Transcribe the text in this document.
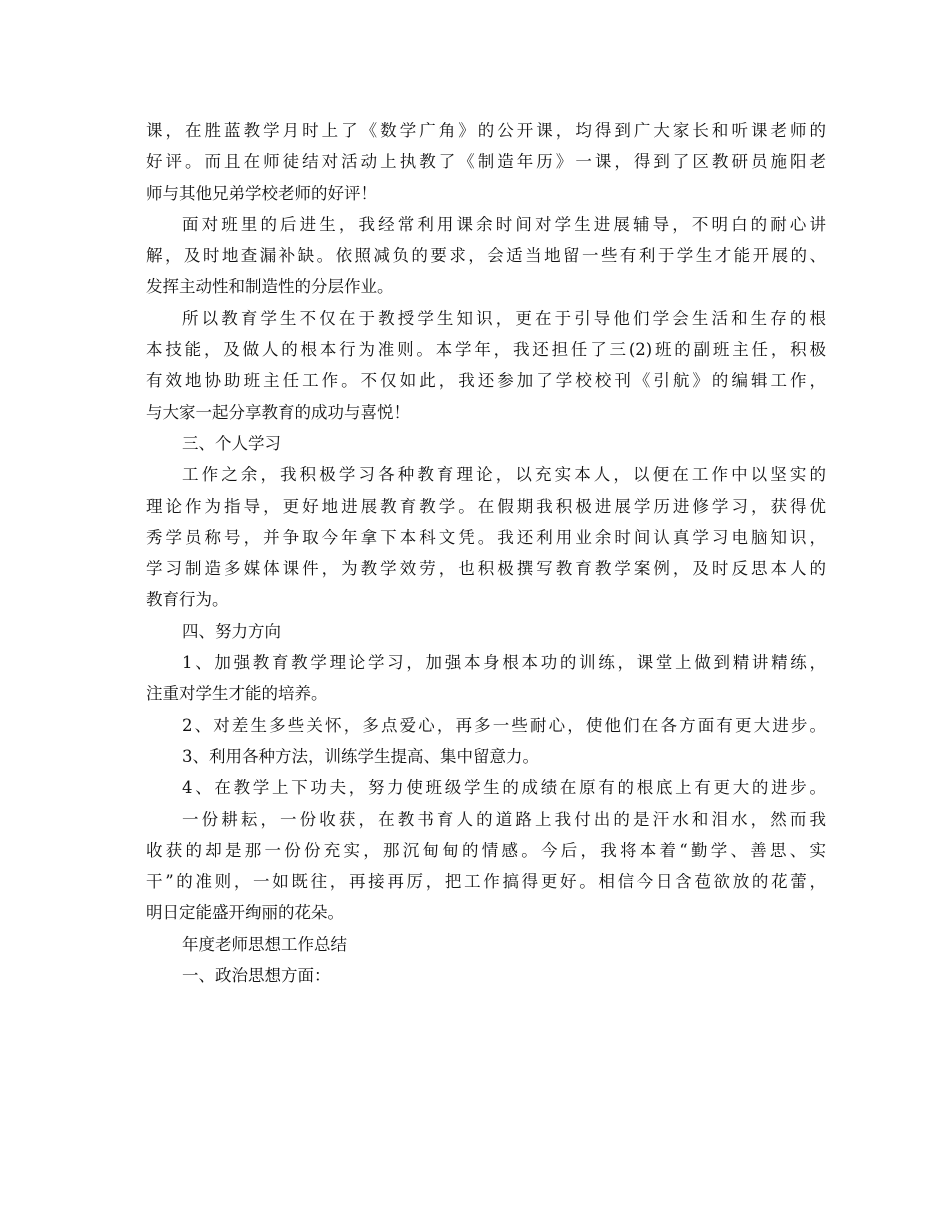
课，在胜蓝教学月时上了《数学广角》的公开课，均得到广大家长和听课老师的
好评。而且在师徒结对活动上执教了《制造年历》一课，得到了区教研员施阳老
师与其他兄弟学校老师的好评！
面对班里的后进生，我经常利用课余时间对学生进展辅导，不明白的耐心讲
解，及时地查漏补缺。依照减负的要求，会适当地留一些有利于学生才能开展的、
发挥主动性和制造性的分层作业。
所以教育学生不仅在于教授学生知识，更在于引导他们学会生活和生存的根
本技能，及做人的根本行为准则。本学年，我还担任了三(2)班的副班主任，积极
有效地协助班主任工作。不仅如此，我还参加了学校校刊《引航》的编辑工作，
与大家一起分享教育的成功与喜悦！
三、个人学习
工作之余，我积极学习各种教育理论，以充实本人，以便在工作中以坚实的
理论作为指导，更好地进展教育教学。在假期我积极进展学历进修学习，获得优
秀学员称号，并争取今年拿下本科文凭。我还利用业余时间认真学习电脑知识，
学习制造多媒体课件，为教学效劳，也积极撰写教育教学案例，及时反思本人的
教育行为。
四、努力方向
1、加强教育教学理论学习，加强本身根本功的训练，课堂上做到精讲精练，
注重对学生才能的培养。
2、对差生多些关怀，多点爱心，再多一些耐心，使他们在各方面有更大进步。
3、利用各种方法，训练学生提高、集中留意力。
4、在教学上下功夫，努力使班级学生的成绩在原有的根底上有更大的进步。
一份耕耘，一份收获，在教书育人的道路上我付出的是汗水和泪水，然而我
收获的却是那一份份充实，那沉甸甸的情感。今后，我将本着“勤学、善思、实
干”的准则，一如既往，再接再厉，把工作搞得更好。相信今日含苞欲放的花蕾，
明日定能盛开绚丽的花朵。
年度老师思想工作总结
一、政治思想方面：
